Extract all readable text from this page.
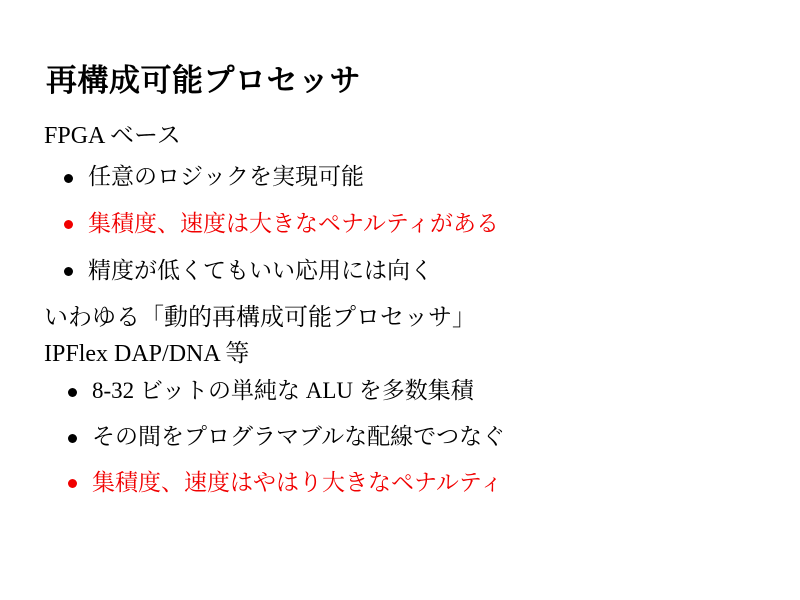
再構成可能プロセッサ
FPGA ベース
任意のロジックを実現可能
集積度、速度は大きなペナルティがある
精度が低くてもいい応用には向く
いわゆる「動的再構成可能プロセッサ」
IPFlex DAP/DNA 等
8-32 ビットの単純な ALU を多数集積
その間をプログラマブルな配線でつなぐ
集積度、速度はやはり大きなペナルティ
